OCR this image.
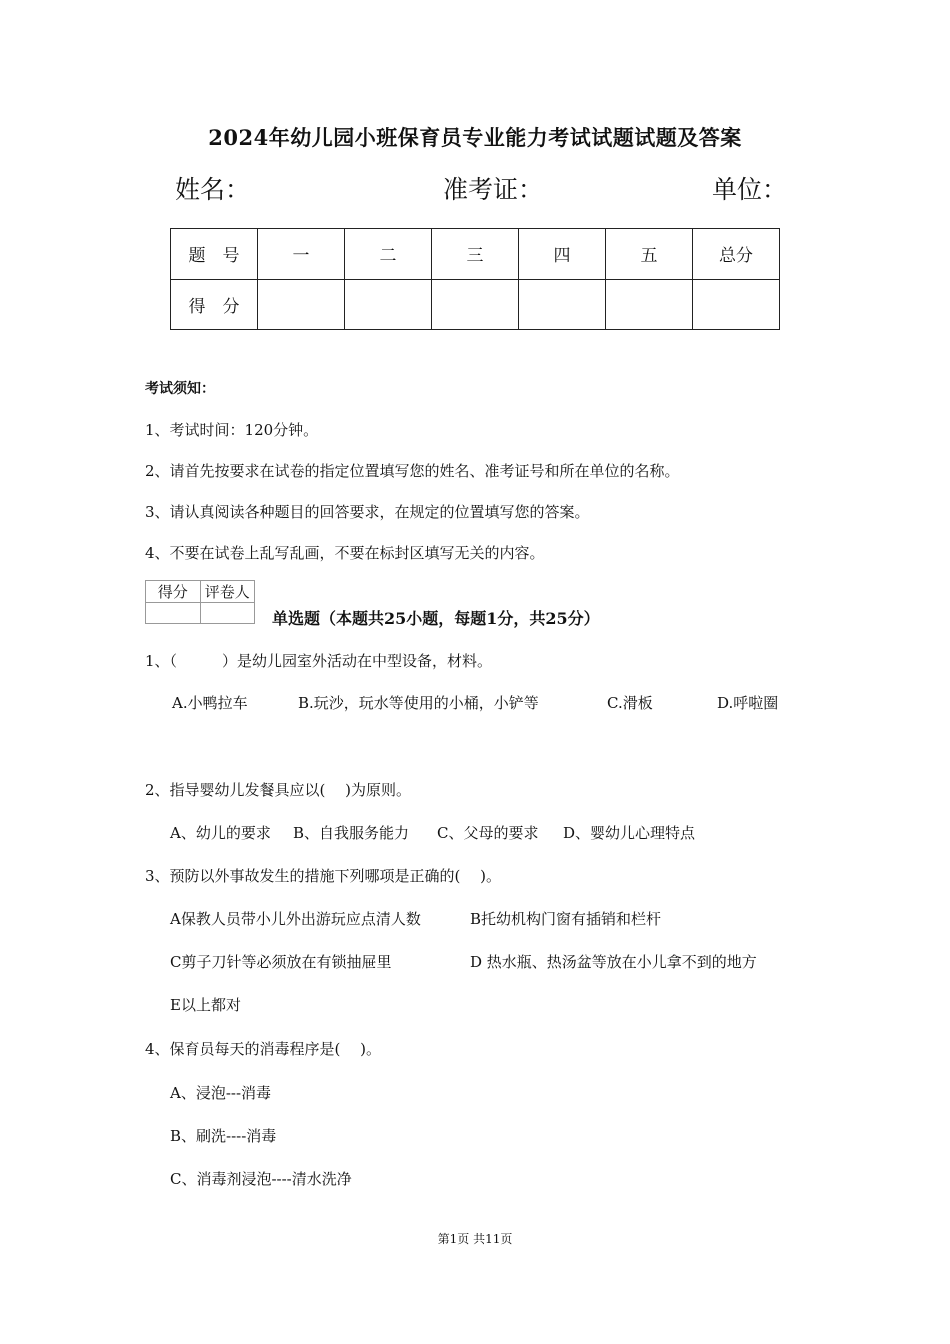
2024年幼儿园小班保育员专业能力考试试题试题及答案
姓名：	准考证：	单位：
题　号	一	二	三	四	五	总分
得　分						
考试须知：
1、考试时间：120分钟。
2、请首先按要求在试卷的指定位置填写您的姓名、准考证号和所在单位的名称。
3、请认真阅读各种题目的回答要求，在规定的位置填写您的答案。
4、不要在试卷上乱写乱画，不要在标封区填写无关的内容。
得分	评卷人

单选题（本题共25小题，每题1分，共25分）
1、（　　　）是幼儿园室外活动在中型设备，材料。
A.小鸭拉车	B.玩沙，玩水等使用的小桶，小铲等	C.滑板	D.呼啦圈
2、指导婴幼儿发餐具应以(　 )为原则。
A、幼儿的要求 B、自我服务能力 C、父母的要求 D、婴幼儿心理特点
3、预防以外事故发生的措施下列哪项是正确的(　 )。
A保教人员带小儿外出游玩应点清人数	B托幼机构门窗有插销和栏杆
C剪子刀针等必须放在有锁抽屉里	D 热水瓶、热汤盆等放在小儿拿不到的地方
E以上都对
4、保育员每天的消毒程序是(　 )。
A、浸泡---消毒
B、刷洗----消毒
C、消毒剂浸泡----清水洗净
第1页 共11页
